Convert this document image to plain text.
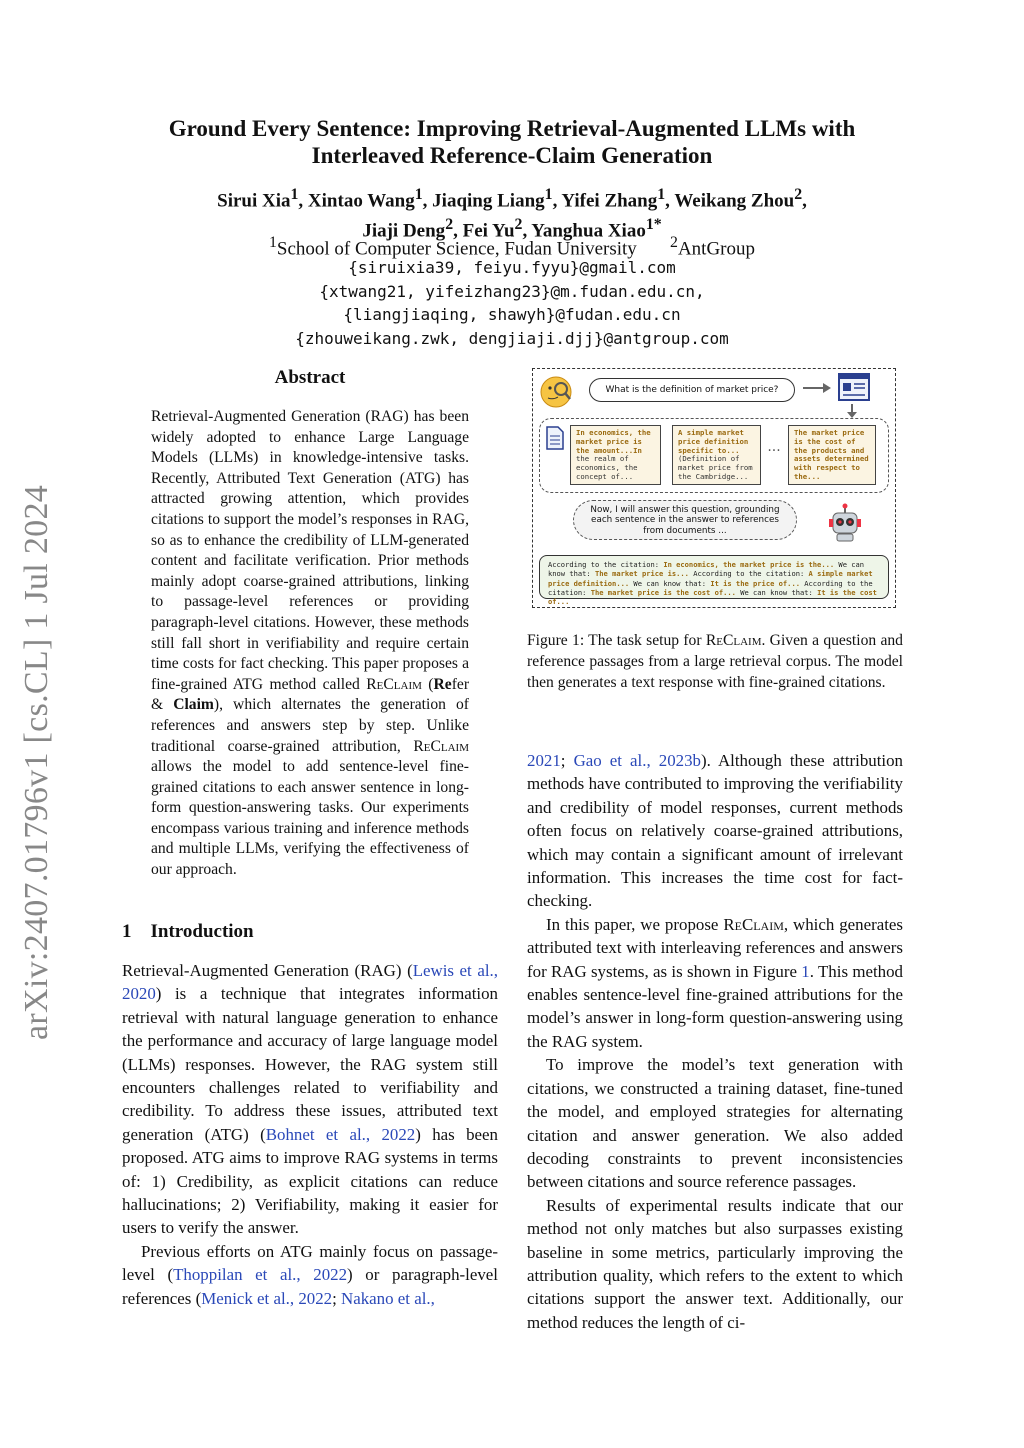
arXiv:2407.01796v1 [cs.CL] 1 Jul 2024
Ground Every Sentence: Improving Retrieval-Augmented LLMs with
Interleaved Reference-Claim Generation
Sirui Xia$^1$, Xintao Wang$^1$, Jiaqing Liang$^1$, Yifei Zhang$^1$, Weikang Zhou$^2$,
Jiaji Deng$^2$, Fei Yu$^2$, Yanghua Xiao$^{1*}$
$^1$School of Computer Science, Fudan University $^2$AntGroup
{siruixia39, feiyu.fyyu}@gmail.com
{xtwang21, yifeizhang23}@m.fudan.edu.cn,
{liangjiaqing, shawyh}@fudan.edu.cn
{zhouweikang.zwk, dengjiaji.djj}@antgroup.com
Abstract
Retrieval-Augmented Generation (RAG) has been widely adopted to enhance Large Language Models (LLMs) in knowledge-intensive tasks. Recently, Attributed Text Generation (ATG) has attracted growing attention, which provides citations to support the model’s responses in RAG, so as to enhance the credibility of LLM-generated content and facilitate verification. Prior methods mainly adopt coarse-grained attributions, linking to passage-level references or providing paragraph-level citations. However, these methods still fall short in verifiability and require certain time costs for fact checking. This paper proposes a fine-grained ATG method called ReClaim (Refer & Claim), which alternates the generation of references and answers step by step. Unlike traditional coarse-grained attribution, ReClaim allows the model to add sentence-level fine-grained citations to each answer sentence in long-form question-answering tasks. Our experiments encompass various training and inference methods and multiple LLMs, verifying the effectiveness of our approach.
1 Introduction

Retrieval-Augmented Generation (RAG) (Lewis et al., 2020) is a technique that integrates information retrieval with natural language generation to enhance the performance and accuracy of large language model (LLMs) responses. However, the RAG system still encounters challenges related to verifiability and credibility. To address these issues, attributed text generation (ATG) (Bohnet et al., 2022) has been proposed. ATG aims to improve RAG systems in terms of: 1) Credibility, as explicit citations can reduce hallucinations; 2) Verifiability, making it easier for users to verify the answer.

Previous efforts on ATG mainly focus on passage-level (Thoppilan et al., 2022) or paragraph-level references (Menick et al., 2022; Nakano et al.,

What is the definition of market price?
In economics, the market price is the amount...In the realm of economics, the concept of...
A simple market price definition specific to... (Definition of market price from the Cambridge...
···
The market price is the cost of the products and assets determined with respect to the...
Now, I will answer this question, grounding each sentence in the answer to references from documents ...
According to the citation: In economics, the market price is the... We can know that: The market price is... According to the citation: A simple market price definition... We can know that: It is the price of... According to the citation: The market price is the cost of... We can know that: It is the cost of...
Figure 1: The task setup for ReClaim. Given a question and reference passages from a large retrieval corpus. The model then generates a text response with fine-grained citations.

2021; Gao et al., 2023b). Although these attribution methods have contributed to improving the verifiability and credibility of model responses, current methods often focus on relatively coarse-grained attributions, which may contain a significant amount of irrelevant information. This increases the time cost for fact-checking.

In this paper, we propose ReClaim, which generates attributed text with interleaving references and answers for RAG systems, as is shown in Figure 1. This method enables sentence-level fine-grained attributions for the model’s answer in long-form question-answering using the RAG system.

To improve the model’s text generation with citations, we constructed a training dataset, fine-tuned the model, and employed strategies for alternating citation and answer generation. We also added decoding constraints to prevent inconsistencies between citations and source reference passages.

Results of experimental results indicate that our method not only matches but also surpasses existing baseline in some metrics, particularly improving the attribution quality, which refers to the extent to which citations support the answer text. Additionally, our method reduces the length of ci-
